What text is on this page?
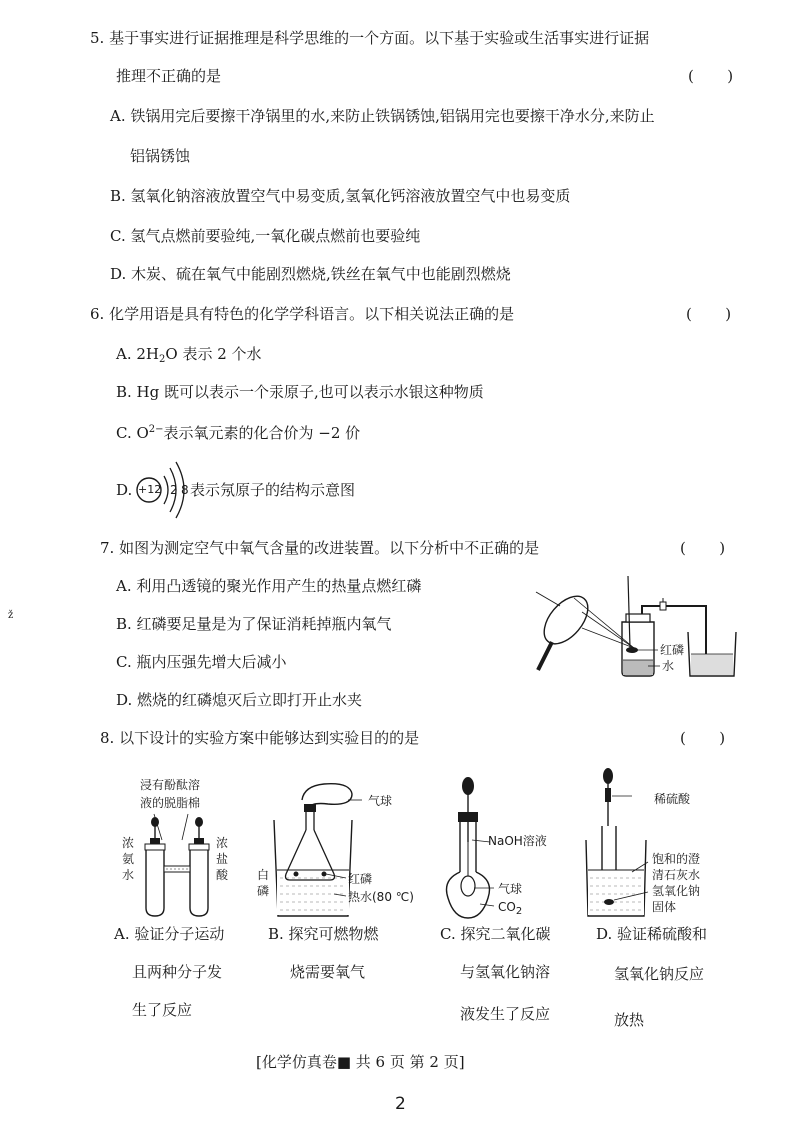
5. 基于事实进行证据推理是科学思维的一个方面。以下基于实验或生活事实进行证据
推理不正确的是	(       )
A. 铁锅用完后要擦干净锅里的水,来防止铁锅锈蚀,铝锅用完也要擦干净水分,来防止
铝锅锈蚀
B. 氢氧化钠溶液放置空气中易变质,氢氧化钙溶液放置空气中也易变质
C. 氢气点燃前要验纯,一氧化碳点燃前也要验纯
D. 木炭、硫在氧气中能剧烈燃烧,铁丝在氧气中也能剧烈燃烧
6. 化学用语是具有特色的化学学科语言。以下相关说法正确的是	(       )
A. $2H_2O$ 表示 2 个水
B. Hg 既可以表示一个汞原子,也可以表示水银这种物质
C. $O^{2-}$表示氧元素的化合价为 −2 价
D. +12 2 8 表示氖原子的结构示意图
7. 如图为测定空气中氧气含量的改进装置。以下分析中不正确的是	(       )
A. 利用凸透镜的聚光作用产生的热量点燃红磷
B. 红磷要足量是为了保证消耗掉瓶内氧气
C. 瓶内压强先增大后减小
D. 燃烧的红磷熄灭后立即打开止水夹
ž
红磷
水
8. 以下设计的实验方案中能够达到实验目的的是	(       )
浸有酚酞溶
液的脱脂棉
浓
氨
水
浓
盐
酸
A. 验证分子运动
且两种分子发
生了反应
气球
白
磷
红磷
热水(80 ℃)
B. 探究可燃物燃
烧需要氧气
NaOH溶液
气球
$CO_2$
C. 探究二氧化碳
与氢氧化钠溶
液发生了反应
稀硫酸
饱和的澄
清石灰水
氢氧化钠
固体
D. 验证稀硫酸和
氢氧化钠反应
放热
[化学仿真卷■ 共 6 页 第 2 页]
2
